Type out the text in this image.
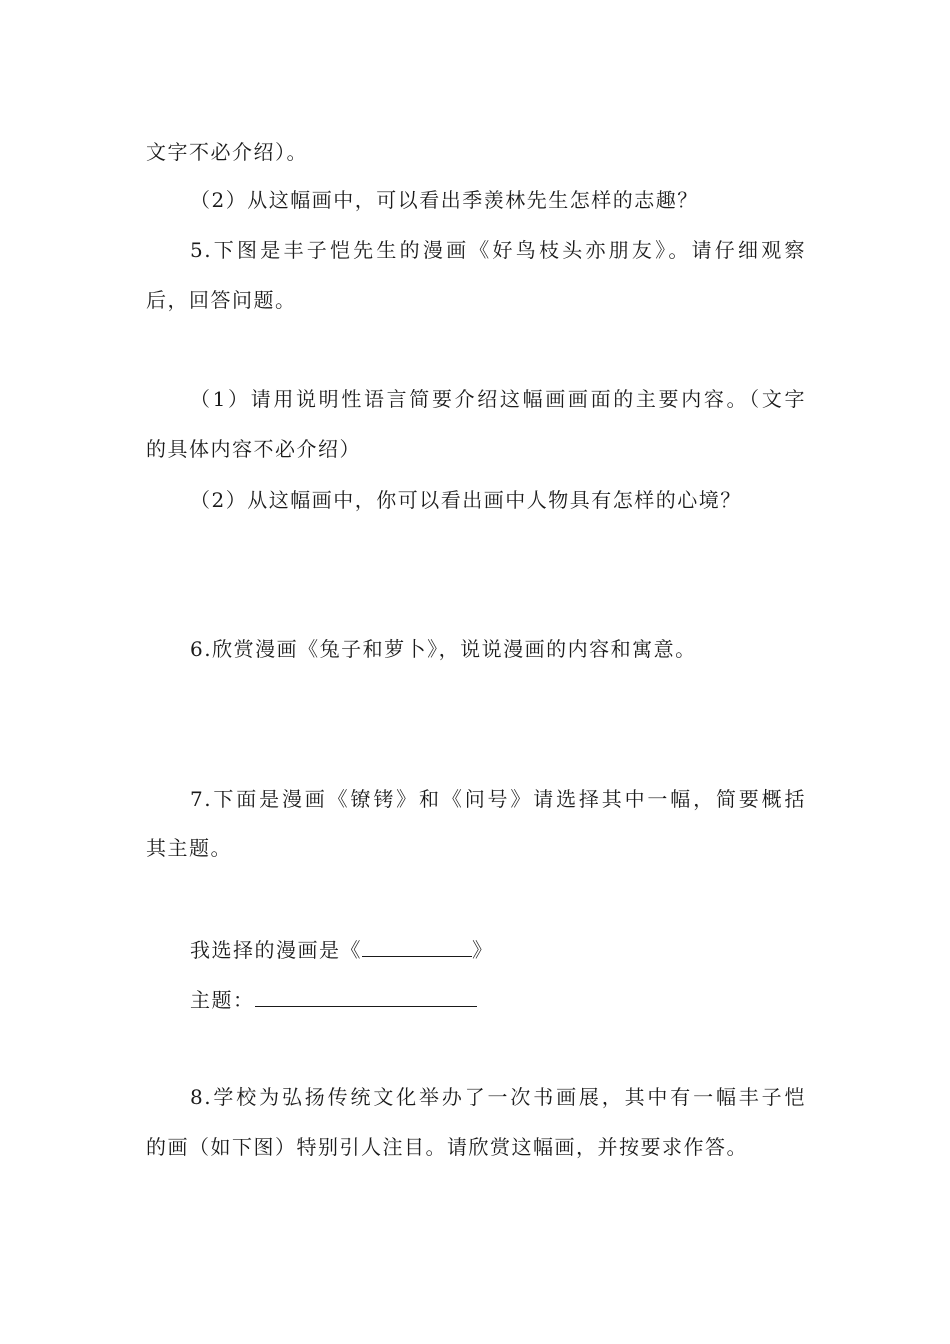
文字不必介绍）。
（2）从这幅画中，可以看出季羡林先生怎样的志趣？
5.下图是丰子恺先生的漫画《好鸟枝头亦朋友》。请仔细观察
后，回答问题。
（1）请用说明性语言简要介绍这幅画画面的主要内容。（文字
的具体内容不必介绍）
（2）从这幅画中，你可以看出画中人物具有怎样的心境？
6.欣赏漫画《兔子和萝卜》，说说漫画的内容和寓意。
7.下面是漫画《镣铐》和《问号》请选择其中一幅，简要概括
其主题。
我选择的漫画是《	》
主题：
8.学校为弘扬传统文化举办了一次书画展，其中有一幅丰子恺
的画（如下图）特别引人注目。请欣赏这幅画，并按要求作答。
